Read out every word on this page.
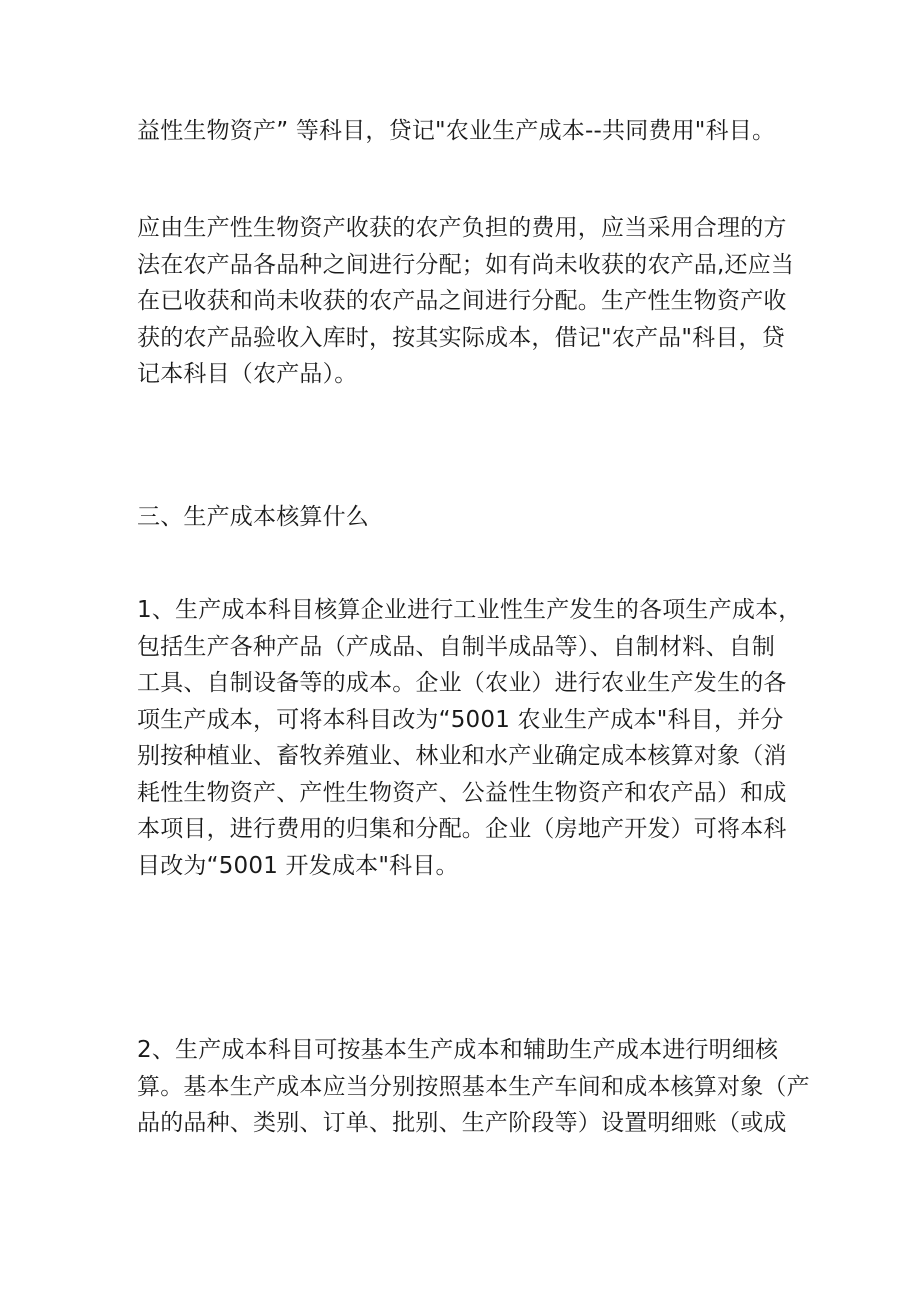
益性生物资产” 等科目，贷记"农业生产成本--共同费用"科目。

应由生产性生物资产收获的农产负担的费用，应当采用合理的方
法在农产品各品种之间进行分配；如有尚未收获的农产品,还应当
在已收获和尚未收获的农产品之间进行分配。生产性生物资产收
获的农产品验收入库时，按其实际成本，借记"农产品"科目，贷
记本科目（农产品）。

三、生产成本核算什么

1、生产成本科目核算企业进行工业性生产发生的各项生产成本，
包括生产各种产品（产成品、自制半成品等）、自制材料、自制
工具、自制设备等的成本。企业（农业）进行农业生产发生的各
项生产成本，可将本科目改为“5001 农业生产成本"科目，并分
别按种植业、畜牧养殖业、林业和水产业确定成本核算对象（消
耗性生物资产、产性生物资产、公益性生物资产和农产品）和成
本项目，进行费用的归集和分配。企业（房地产开发）可将本科
目改为“5001 开发成本"科目。

2、生产成本科目可按基本生产成本和辅助生产成本进行明细核
算。基本生产成本应当分别按照基本生产车间和成本核算对象（产
品的品种、类别、订单、批别、生产阶段等）设置明细账（或成
